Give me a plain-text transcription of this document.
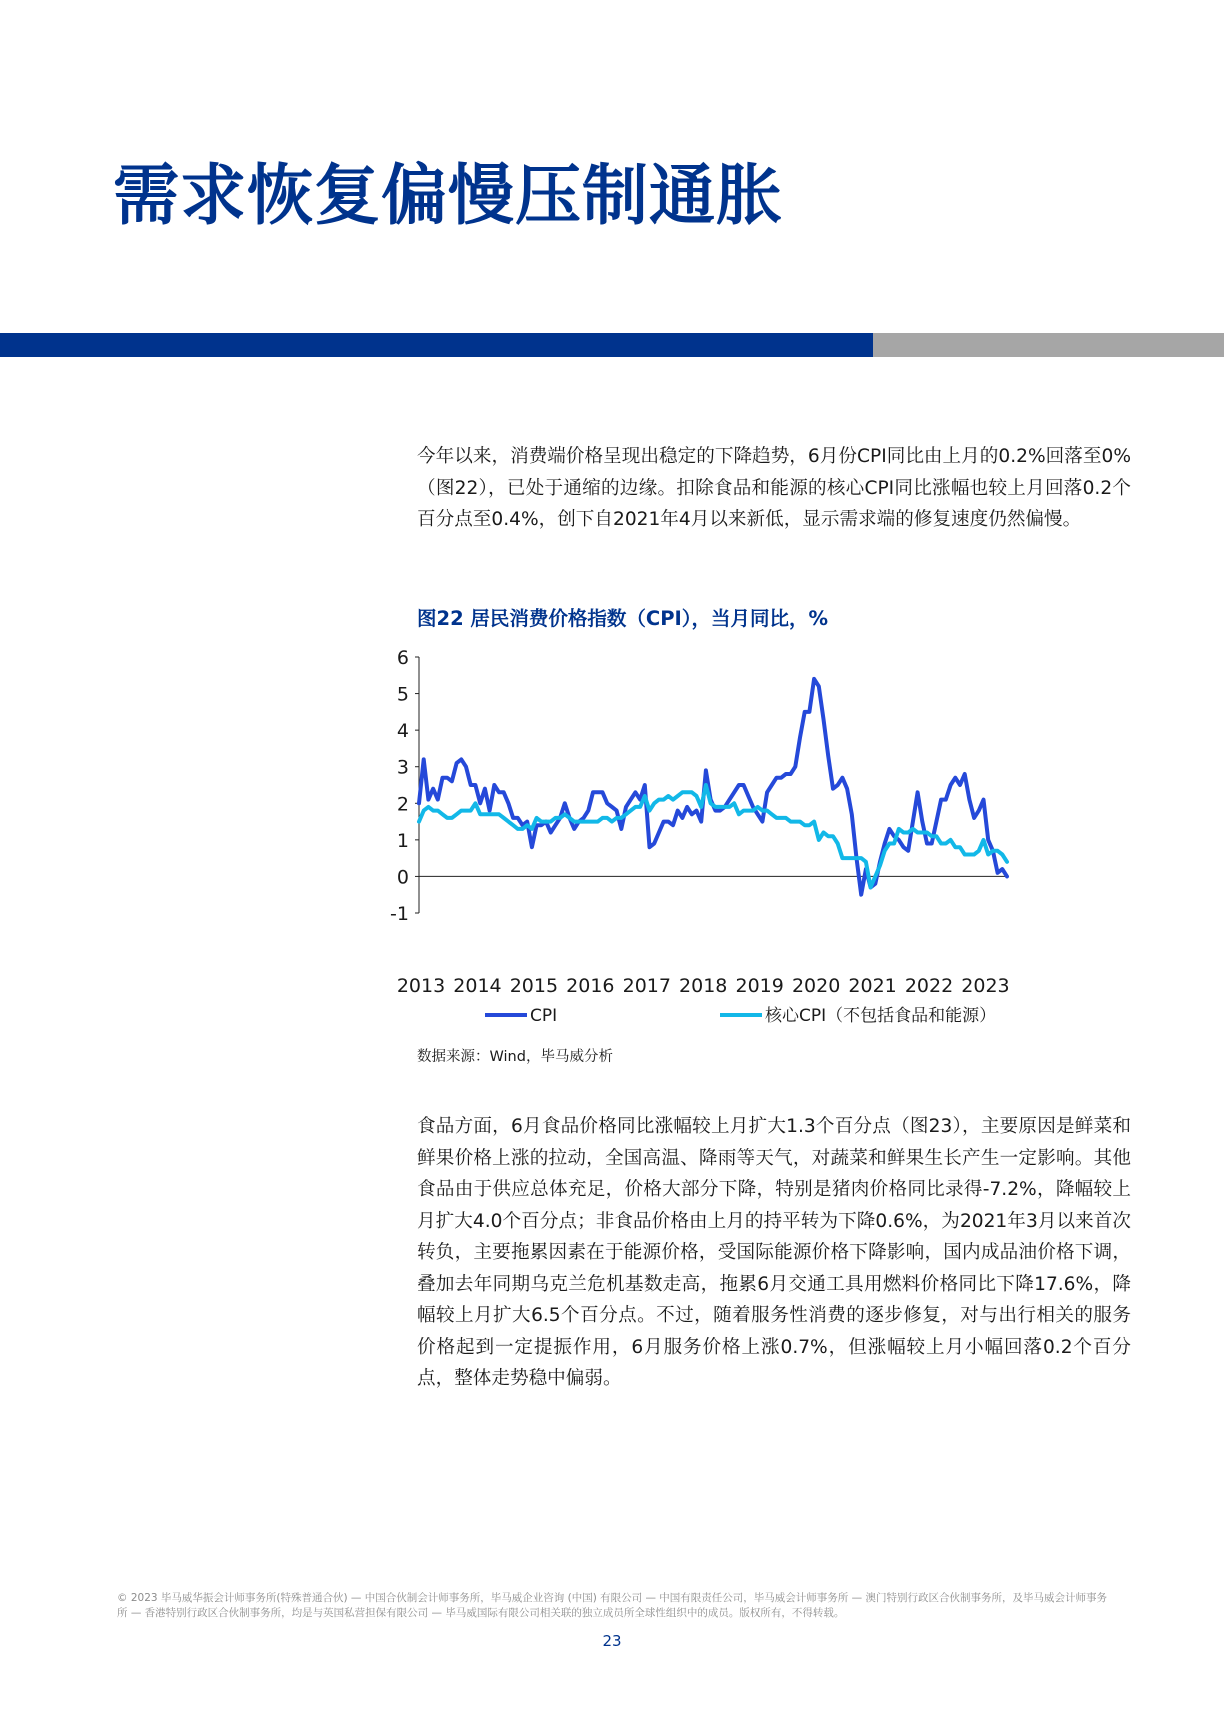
需求恢复偏慢压制通胀

今年以来，消费端价格呈现出稳定的下降趋势，6月份CPI同比由上月的0.2%回落至0%（图22），已处于通缩的边缘。扣除食品和能源的核心CPI同比涨幅也较上月回落0.2个百分点至0.4%，创下自2021年4月以来新低，显示需求端的修复速度仍然偏慢。

图22 居民消费价格指数（CPI），当月同比，%

6
5
4
3
2
1
0
-1
2013 2014 2015 2016 2017 2018 2019 2020 2021 2022 2023
CPI	核心CPI（不包括食品和能源）

数据来源：Wind，毕马威分析

食品方面，6月食品价格同比涨幅较上月扩大1.3个百分点（图23），主要原因是鲜菜和鲜果价格上涨的拉动，全国高温、降雨等天气，对蔬菜和鲜果生长产生一定影响。其他食品由于供应总体充足，价格大部分下降，特别是猪肉价格同比录得-7.2%，降幅较上月扩大4.0个百分点；非食品价格由上月的持平转为下降0.6%，为2021年3月以来首次转负，主要拖累因素在于能源价格，受国际能源价格下降影响，国内成品油价格下调，叠加去年同期乌克兰危机基数走高，拖累6月交通工具用燃料价格同比下降17.6%，降幅较上月扩大6.5个百分点。不过，随着服务性消费的逐步修复，对与出行相关的服务价格起到一定提振作用，6月服务价格上涨0.7%，但涨幅较上月小幅回落0.2个百分点，整体走势稳中偏弱。

© 2023 毕马威华振会计师事务所(特殊普通合伙) — 中国合伙制会计师事务所，毕马威企业咨询 (中国) 有限公司 — 中国有限责任公司，毕马威会计师事务所 — 澳门特别行政区合伙制事务所，及毕马威会计师事务所 — 香港特别行政区合伙制事务所，均是与英国私营担保有限公司 — 毕马威国际有限公司相关联的独立成员所全球性组织中的成员。版权所有，不得转载。

23
